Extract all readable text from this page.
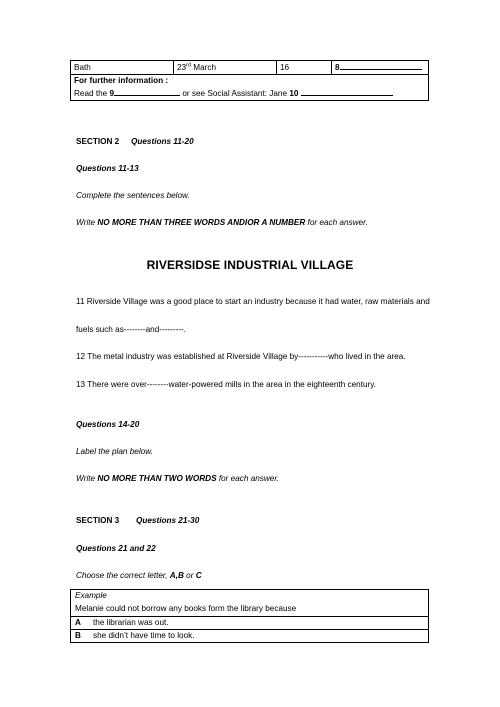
Bath	23rd March	16	8
For further information :
Read the 9	or see Social Assistant: Jane 10
SECTION 2 Questions 11-20
Questions 11-13
Complete the sentences below.
Write NO MORE THAN THREE WORDS ANDIOR A NUMBER for each answer.
RIVERSIDSE INDUSTRIAL VILLAGE
11 Riverside Village was a good place to start an industry because it had water, raw materials and
fuels such as--------and---------.
12 The metal industry was established at Riverside Village by-----------who lived in the area.
13 There were over--------water-powered mills in the area in the eighteenth century.
Questions 14-20
Label the plan below.
Write NO MORE THAN TWO WORDS for each answer.
SECTION 3 Questions 21-30
Questions 21 and 22
Choose the correct letter, A,B or C
Example
Melanie could not borrow any books form the library because
A the librarian was out.
B she didn’t have time to look.
